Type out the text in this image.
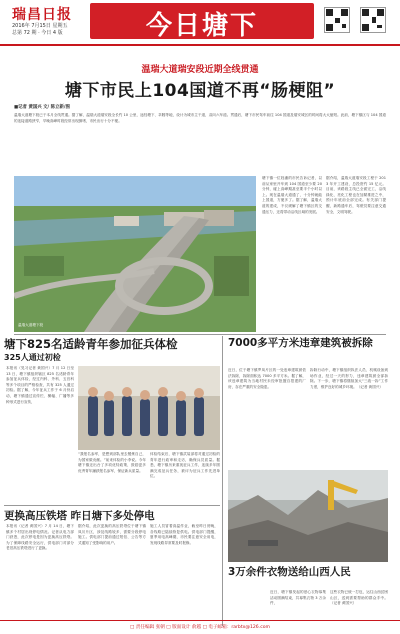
瑞昌日报
2016年 7月15日 星期五
总第 72 期 · 今日 4 版	今日塘下
温瑞大道瑞安段近期全线贯通
塘下市民上104国道不再“肠梗阻”
■记者 黄国兴 文/ 陈立新/图
温瑞大道塘下段已于本月全线贯通。据了解，温瑞大道瑞安段全长约 10 公里，途经塘下、莘塍等地，设计为城市主干道，双向六车道。贯通后，塘下市民驾车前往 104 国道及瑞安城区的时间将大大缩短。此前，塘下镇区与 104 国道的连接道路狭窄，早晚高峰时段经常出现拥堵，市民出行十分不便。
温瑞大道塘下段
塘下镇一位姓潘的市民告诉记者，以前从家里开车到 104 国道至少要 20 分钟，碰上高峰期甚至要半个小时以上。现在温瑞大道通了，十分钟就能上国道，方便多了。据了解，温瑞大道的建成，不仅缓解了塘下镇区的交通压力，还将带动沿线区域的发展。
据介绍，温瑞大道瑞安段工程于 2013 年开工建设，总投资约 15 亿元。目前，该路段主线已全面完工，沿线绿化、亮化工程也在加紧推进之中，预计年底前全部完成。有关部门提醒，新路通车后，驾驶员要注意交通安全，文明驾驶。
塘下825名适龄青年参加征兵体检
325人通过初检
本报讯（见习记者 黄国兴）7 月 12 日至 13 日，塘下镇组织辖区 825 名适龄青年参加征兵体检，经过内科、外科、五官科等多个项目的严格检查，共有 325 人通过初检。据了解，今年征兵工作于 6 月份启动，塘下镇通过宣传栏、横幅、广播等多种形式进行宣传，
“我报名参军，是想到部队里去锻炼自己，为国家做贡献。”前来体检的小李说。今年塘下镇还出台了多项优待政策，鼓励更多优秀青年踊跃报名参军，保证新兵质量。
体检结束后，塘下镇武装部将对通过初检的青年进行政审和走访，确保兵员质量。据悉，塘下镇历来重视征兵工作，连续多年圆满完成征兵任务，被评为征兵工作先进单位。
7000多平方米违章建筑被拆除
近日，位于塘下镇罗凤片区的一处违章建筑被依法拆除，拆除面积达 7000 多平方米。据了解，该违章建筑为当地村民未经审批擅自搭建的厂房，存在严重的安全隐患。
拆除行动中，塘下镇组织执法人员、机械设备到场作业，经过一天的努力，违章建筑被全部拆除。下一步，塘下镇将继续加大“三改一拆”工作力度，维护良好的城乡环境。（记者 黄国兴）
更换高压铁塔 昨日塘下多处停电
本报讯（记者 黄国兴）7 月 14 日，塘下镇多个村居出现停电情况。记者从电力部门获悉，此次停电是因为更换高压铁塔。为了保障线路安全运行，供电部门对部分老旧高压铁塔进行了更换。
据介绍，此次更换的高压铁塔位于塘下镇凤川片区，涉及线路较多，需要分段停电施工。供电部门提前通过短信、公告等方式通知了受影响的用户。
施工人员冒着高温作业，截至昨日傍晚，各线路已陆续恢复供电。供电部门提醒，夏季用电高峰期，市民要注意安全用电，发现线路异常要及时报修。
3万余件衣物送给山西人民
近日，塘下镇发起的爱心衣物募集活动圆满结束，共募集衣物 3 万余件，
这些衣物已统一打包，运往山西贫困山区，送到需要帮助的群众手中。（记者 黄国兴）
□ 责任编辑 张朝 □ 版面设计 俞越 □ 电子邮箱：rarbtx@126.com
